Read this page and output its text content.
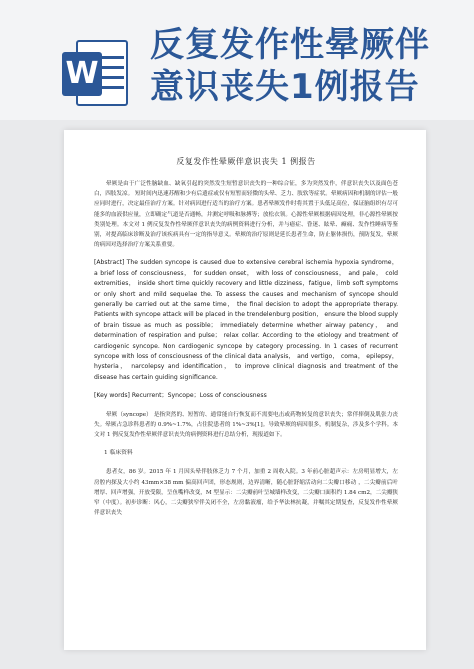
W
反复发作性晕厥伴意识丧失1例报告
反复发作性晕厥伴意识丧失 1 例报告

晕厥是由于广泛性脑缺血、缺氧引起的突然发生短暂意识丧失的一种综合征，多为突然发作，伴意识丧失以及面色苍白，四肢发凉。 短时间内迅速苏醒和少有后遗症或仅有短暂而轻微的头晕、乏力、肢软等症状。晕厥病因和机制的评估一般应同时进行，决定最佳治疗方案。针对病因进行适当的治疗方案。患者晕厥发作时将其置于头低足高位，保证脑组织有尽可能多的血液供应量，立即确定气道是否通畅，并测定呼吸和脉搏等；放松衣领。心源性晕厥根据病因处理，非心源性晕厥按类别处理。本文对 1 例反复发作性晕厥伴意识丧失的病例资料进行分析，并与癔症、昏迷、眩晕、癫痫、发作性睡病等鉴别，对提高临床诊断及治疗该疾病具有一定的指导意义。晕厥的治疗原则是延长患者生命，防止躯体损伤，预防复发，晕厥的病因对选择治疗方案关系重要。

[Abstract] The sudden syncope is caused due to extensive cerebral ischemia hypoxia syndrome， a brief loss of consciousness， for sudden onset， with loss of consciousness， and pale， cold extremities， inside short time quickly recovery and little dizziness，fatigue，limb soft symptoms or only short and mild sequelae the. To assess the causes and mechanism of syncope should generally be carried out at the same time， the final decision to adopt the appropriate therapy. Patients with syncope attack will be placed in the trendelenburg position， ensure the blood supply of brain tissue as much as possible； immediately determine whether airway patency， and determination of respiration and pulse； relax collar. According to the etiology and treatment of cardiogenic syncope. Non cardiogenic syncope by category processing. In 1 cases of recurrent syncope with loss of consciousness of the clinical data analysis， and vertigo， coma， epilepsy， hysteria， narcolepsy and identification， to improve clinical diagnosis and treatment of the disease has certain guiding significance.

[Key words] Recurrent；Syncope；Loss of consciousness

晕厥（syncope） 是指突然的、短暂的、通常能自行恢复而不需要电击或药物转复的意识丧失；常伴摔倒及肌张力丧失。晕厥占急诊科患者的 0.9%~1.7%，占住院患者的 1%~3%[1]。导致晕厥的病因很多，机制复杂，涉及多个学科。本文对 1 例反复发作性晕厥伴意识丧失的病例资料进行总结分析，现报道如下。

1 临床资料

患者女，86 岁。2015 年 1 月因头晕伴肢体乏力 7 个月，加重 2 周收入院。3 年前心脏超声示：左房明显增大，左房腔内探及大小约 43mm×38 mm 偏高回声团，形态规则，边界清晰，随心脏舒缩活动向二尖瓣口移动 ，二尖瓣前后叶增厚、回声增强，开放受限，呈鱼嘴样改变，M 型显示：二尖瓣前叶呈城墙样改变，二尖瓣口面积约 1.84 cm2，二尖瓣狭窄（中度）。初步诊断：风心，二尖瓣狭窄伴关闭不全，左房黏液瘤，给予华法林抗凝，并嘱其定期复查，反复发作性晕厥伴意识丧失
